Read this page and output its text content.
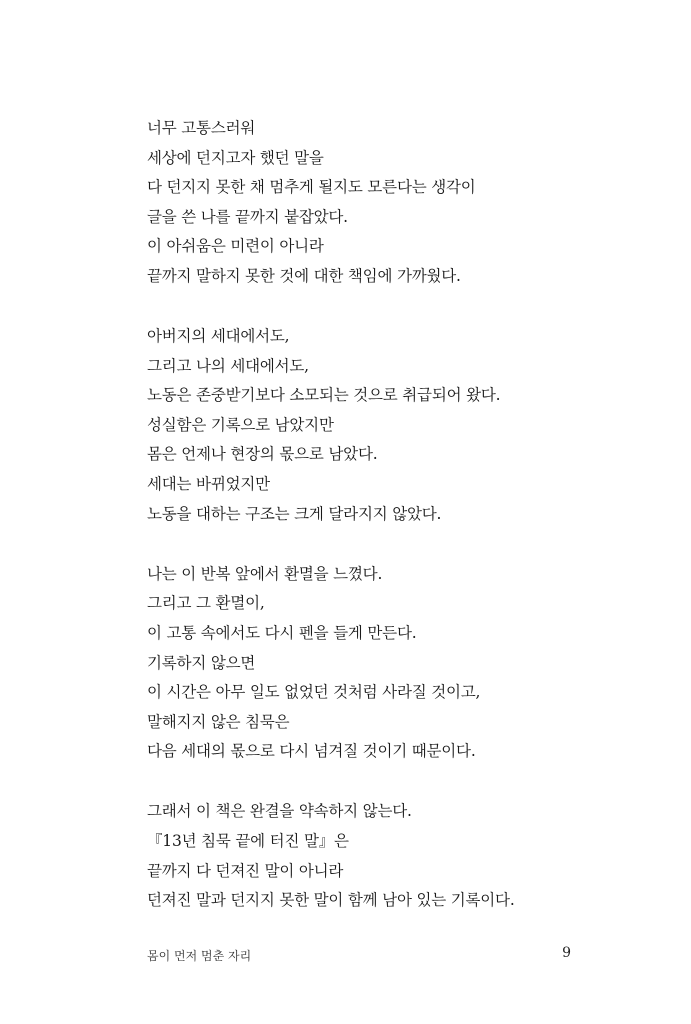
너무 고통스러워
세상에 던지고자 했던 말을
다 던지지 못한 채 멈추게 될지도 모른다는 생각이
글을 쓴 나를 끝까지 붙잡았다.
이 아쉬움은 미련이 아니라
끝까지 말하지 못한 것에 대한 책임에 가까웠다.

아버지의 세대에서도,
그리고 나의 세대에서도,
노동은 존중받기보다 소모되는 것으로 취급되어 왔다.
성실함은 기록으로 남았지만
몸은 언제나 현장의 몫으로 남았다.
세대는 바뀌었지만
노동을 대하는 구조는 크게 달라지지 않았다.

나는 이 반복 앞에서 환멸을 느꼈다.
그리고 그 환멸이,
이 고통 속에서도 다시 펜을 들게 만든다.
기록하지 않으면
이 시간은 아무 일도 없었던 것처럼 사라질 것이고,
말해지지 않은 침묵은
다음 세대의 몫으로 다시 넘겨질 것이기 때문이다.

그래서 이 책은 완결을 약속하지 않는다.
『13년 침묵 끝에 터진 말』은
끝까지 다 던져진 말이 아니라
던져진 말과 던지지 못한 말이 함께 남아 있는 기록이다.

몸이 먼저 멈춘 자리	9
